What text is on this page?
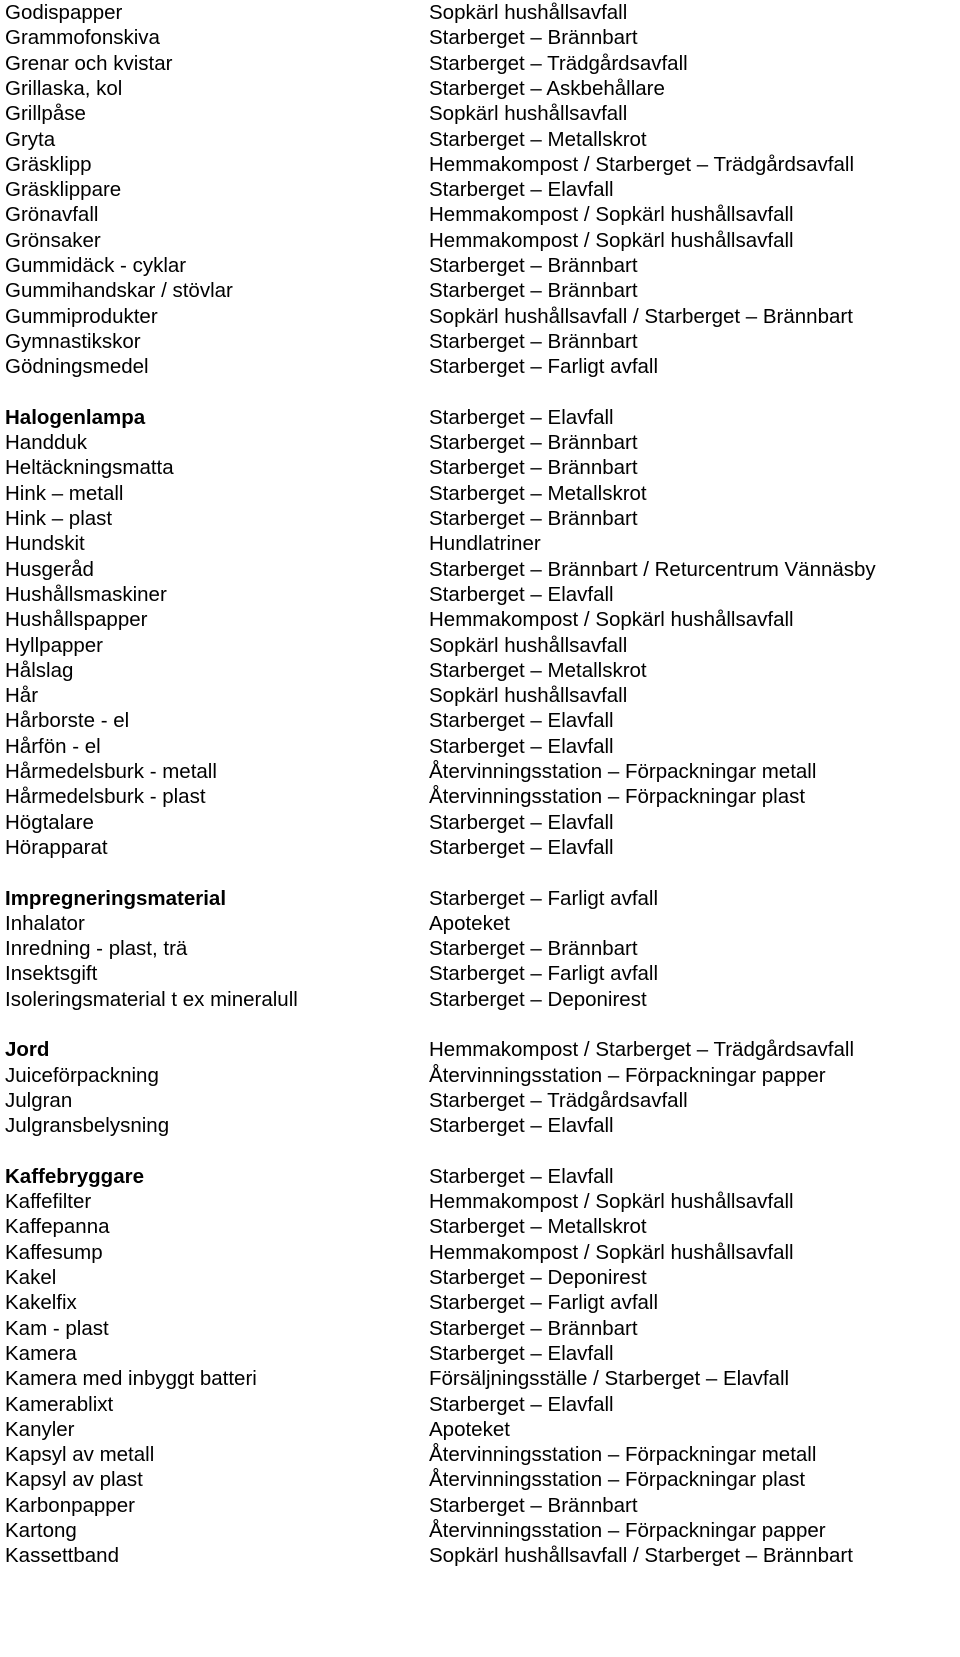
Godispapper	Sopkärl hushållsavfall
Grammofonskiva	Starberget – Brännbart
Grenar och kvistar	Starberget – Trädgårdsavfall
Grillaska, kol	Starberget – Askbehållare
Grillpåse	Sopkärl hushållsavfall
Gryta	Starberget – Metallskrot
Gräsklipp	Hemmakompost / Starberget – Trädgårdsavfall
Gräsklippare	Starberget – Elavfall
Grönavfall	Hemmakompost / Sopkärl hushållsavfall
Grönsaker	Hemmakompost / Sopkärl hushållsavfall
Gummidäck - cyklar	Starberget – Brännbart
Gummihandskar / stövlar	Starberget – Brännbart
Gummiprodukter	Sopkärl hushållsavfall / Starberget – Brännbart
Gymnastikskor	Starberget – Brännbart
Gödningsmedel	Starberget – Farligt avfall
Halogenlampa	Starberget – Elavfall
Handduk	Starberget – Brännbart
Heltäckningsmatta	Starberget – Brännbart
Hink – metall	Starberget – Metallskrot
Hink – plast	Starberget – Brännbart
Hundskit	Hundlatriner
Husgeråd	Starberget – Brännbart / Returcentrum Vännäsby
Hushållsmaskiner	Starberget – Elavfall
Hushållspapper	Hemmakompost / Sopkärl hushållsavfall
Hyllpapper	Sopkärl hushållsavfall
Hålslag	Starberget – Metallskrot
Hår	Sopkärl hushållsavfall
Hårborste - el	Starberget – Elavfall
Hårfön - el	Starberget – Elavfall
Hårmedelsburk - metall	Återvinningsstation – Förpackningar metall
Hårmedelsburk - plast	Återvinningsstation – Förpackningar plast
Högtalare	Starberget – Elavfall
Hörapparat	Starberget – Elavfall
Impregneringsmaterial	Starberget – Farligt avfall
Inhalator	Apoteket
Inredning - plast, trä	Starberget – Brännbart
Insektsgift	Starberget – Farligt avfall
Isoleringsmaterial t ex mineralull	Starberget – Deponirest
Jord	Hemmakompost / Starberget – Trädgårdsavfall
Juiceförpackning	Återvinningsstation – Förpackningar papper
Julgran	Starberget – Trädgårdsavfall
Julgransbelysning	Starberget – Elavfall
Kaffebryggare	Starberget – Elavfall
Kaffefilter	Hemmakompost / Sopkärl hushållsavfall
Kaffepanna	Starberget – Metallskrot
Kaffesump	Hemmakompost / Sopkärl hushållsavfall
Kakel	Starberget – Deponirest
Kakelfix	Starberget – Farligt avfall
Kam - plast	Starberget – Brännbart
Kamera	Starberget – Elavfall
Kamera med inbyggt batteri	Försäljningsställe / Starberget – Elavfall
Kamerablixt	Starberget – Elavfall
Kanyler	Apoteket
Kapsyl av metall	Återvinningsstation – Förpackningar metall
Kapsyl av plast	Återvinningsstation – Förpackningar plast
Karbonpapper	Starberget – Brännbart
Kartong	Återvinningsstation – Förpackningar papper
Kassettband	Sopkärl hushållsavfall / Starberget – Brännbart
